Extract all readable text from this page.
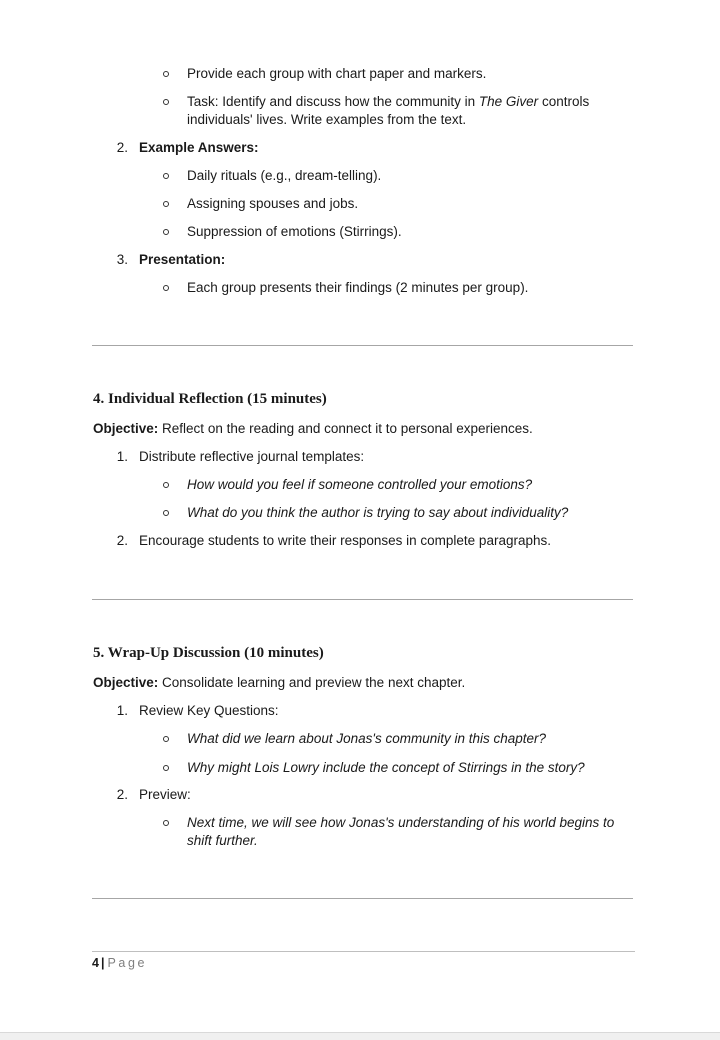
Provide each group with chart paper and markers.
Task: Identify and discuss how the community in The Giver controls
individuals' lives. Write examples from the text.
2. Example Answers:
Daily rituals (e.g., dream-telling).
Assigning spouses and jobs.
Suppression of emotions (Stirrings).
3. Presentation:
Each group presents their findings (2 minutes per group).
4. Individual Reflection (15 minutes)
Objective: Reflect on the reading and connect it to personal experiences.
1. Distribute reflective journal templates:
How would you feel if someone controlled your emotions?
What do you think the author is trying to say about individuality?
2. Encourage students to write their responses in complete paragraphs.
5. Wrap-Up Discussion (10 minutes)
Objective: Consolidate learning and preview the next chapter.
1. Review Key Questions:
What did we learn about Jonas's community in this chapter?
Why might Lois Lowry include the concept of Stirrings in the story?
2. Preview:
Next time, we will see how Jonas's understanding of his world begins to
shift further.
4 | Page
